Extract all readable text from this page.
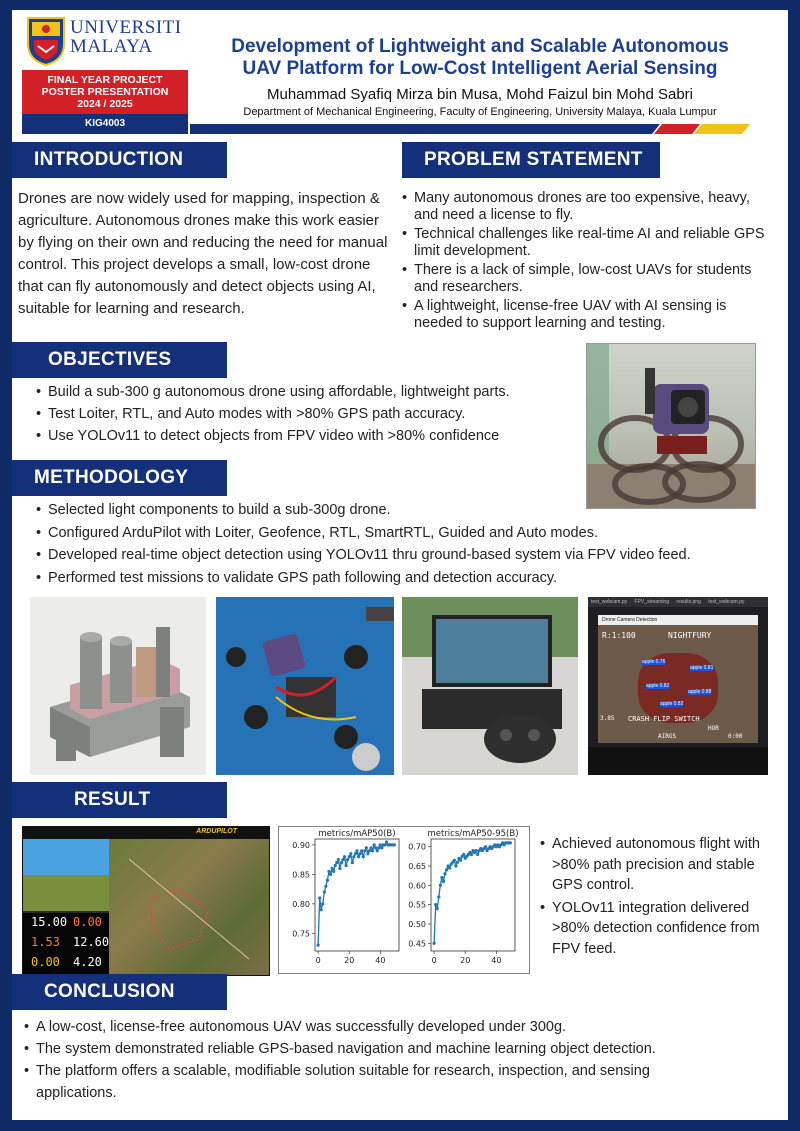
UNIVERSITI
MALAYA
FINAL YEAR PROJECT
POSTER PRESENTATION
2024 / 2025
KIG4003
Development of Lightweight and Scalable Autonomous UAV Platform for Low-Cost Intelligent Aerial Sensing
Muhammad Syafiq Mirza bin Musa, Mohd Faizul bin Mohd Sabri
Department of Mechanical Engineering, Faculty of Engineering, University Malaya, Kuala Lumpur
INTRODUCTION
Drones are now widely used for mapping, inspection & agriculture. Autonomous drones make this work easier by flying on their own and reducing the need for manual control. This project develops a small, low-cost drone that can fly autonomously and detect objects using AI, suitable for learning and research.
PROBLEM STATEMENT
• Many autonomous drones are too expensive, heavy, and need a license to fly.
• Technical challenges like real-time AI and reliable GPS limit development.
• There is a lack of simple, low-cost UAVs for students and researchers.
• A lightweight, license-free UAV with AI sensing is needed to support learning and testing.
OBJECTIVES
• Build a sub-300 g autonomous drone using affordable, lightweight parts.
• Test Loiter, RTL, and Auto modes with >80% GPS path accuracy.
• Use YOLOv11 to detect objects from FPV video with >80% confidence
METHODOLOGY
• Selected light components to build a sub-300g drone.
• Configured ArduPilot with Loiter, Geofence, RTL, SmartRTL, Guided and Auto modes.
• Developed real-time object detection using YOLOv11 thru ground-based system via FPV video feed.
• Performed test missions to validate GPS path following and detection accuracy.
test_webcam.py FPV_streaming results.png test_webcam.py
Drone Camera Detection
R:1:100	NIGHTFURY
apple 0.76
apple 0.81
apple 0.82
apple 0.88
apple 0.82
CRASH FLIP SWITCH
3.85
HOR
0:00
AIRGS
RESULT
ARDUPILOT
15.00 0.00
1.53 12.60
0.00 4.20
metrics/mAP50(B)
0.75
0.80
0.85
0.90
0	20	40
metrics/mAP50-95(B)
0.45
0.50
0.55
0.60
0.65
0.70
0	20	40
• Achieved autonomous flight with >80% path precision and stable GPS control.
• YOLOv11 integration delivered >80% detection confidence from FPV feed.
CONCLUSION
• A low-cost, license-free autonomous UAV was successfully developed under 300g.
• The system demonstrated reliable GPS-based navigation and machine learning object detection.
• The platform offers a scalable, modifiable solution suitable for research, inspection, and sensing applications.
